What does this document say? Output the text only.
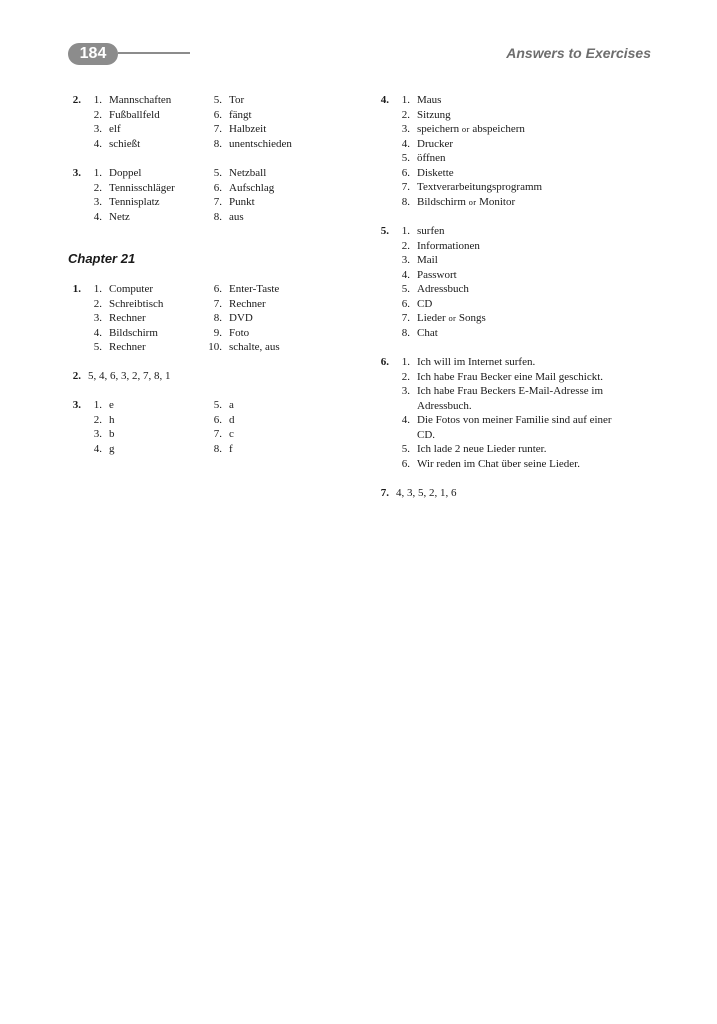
184	Answers to Exercises
2.	1. Mannschaften
2. Fußballfeld
3. elf
4. schießt
5. Tor
6. fängt
7. Halbzeit
8. unentschieden
3.	1. Doppel
2. Tennisschläger
3. Tennisplatz
4. Netz
5. Netzball
6. Aufschlag
7. Punkt
8. aus
Chapter 21
1.	1. Computer
2. Schreibtisch
3. Rechner
4. Bildschirm
5. Rechner
6. Enter-Taste
7. Rechner
8. DVD
9. Foto
10. schalte, aus
2. 5, 4, 6, 3, 2, 7, 8, 1
3.	1. e
2. h
3. b
4. g
5. a
6. d
7. c
8. f
4.	1. Maus
2. Sitzung
3. speichern or abspeichern
4. Drucker
5. öffnen
6. Diskette
7. Textverarbeitungsprogramm
8. Bildschirm or Monitor
5.	1. surfen
2. Informationen
3. Mail
4. Passwort
5. Adressbuch
6. CD
7. Lieder or Songs
8. Chat
6.	1. Ich will im Internet surfen.
2. Ich habe Frau Becker eine Mail geschickt.
3. Ich habe Frau Beckers E-Mail-Adresse im
Adressbuch.
4. Die Fotos von meiner Familie sind auf einer
CD.
5. Ich lade 2 neue Lieder runter.
6. Wir reden im Chat über seine Lieder.
7. 4, 3, 5, 2, 1, 6
